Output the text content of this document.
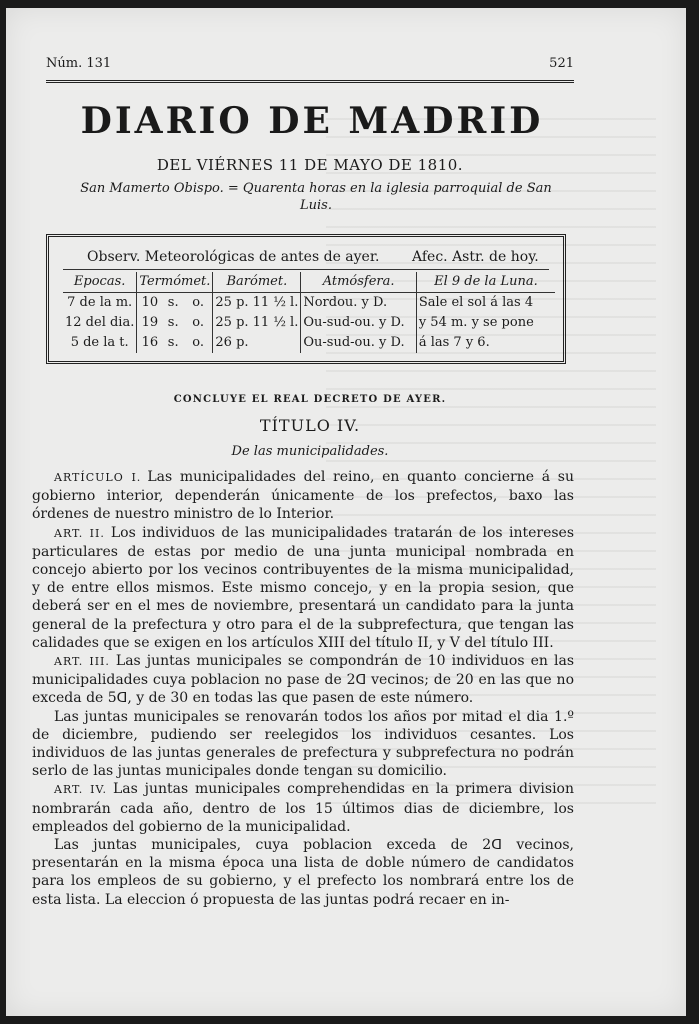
Núm. 131	521
DIARIO DE MADRID
DEL VIÉRNES 11 DE MAYO DE 1810.
San Mamerto Obispo. = Quarenta horas en la iglesia parroquial de San Luis.
Observ. Meteorológicas de antes de ayer. Afec. Astr. de hoy.
Epocas.	Termómet.			Barómet.	Atmósfera.	El 9 de la Luna.
7 de la m.	10	s.	o.	25 p. 11 ½ l.	Nordou. y D.	Sale el sol á las 4
12 del dia.	19	s.	o.	25 p. 11 ½ l.	Ou-sud-ou. y D.	y 54 m. y se pone
5 de la t.	16	s.	o.	26 p.	Ou-sud-ou. y D.	á las 7 y 6.
CONCLUYE EL REAL DECRETO DE AYER.
TÍTULO IV.
De las municipalidades.

ARTÍCULO I. Las municipalidades del reino, en quanto concierne á su gobierno interior, dependerán únicamente de los prefectos, baxo las órdenes de nuestro ministro de lo Interior.

ART. II. Los individuos de las municipalidades tratarán de los intereses particulares de estas por medio de una junta municipal nombrada en concejo abierto por los vecinos contribuyentes de la misma municipalidad, y de entre ellos mismos. Este mismo concejo, y en la propia sesion, que deberá ser en el mes de noviembre, presentará un candidato para la junta general de la prefectura y otro para el de la subprefectura, que tengan las calidades que se exigen en los artículos XIII del título II, y V del título III.

ART. III. Las juntas municipales se compondrán de 10 individuos en las municipalidades cuya poblacion no pase de 2ᗡ vecinos; de 20 en las que no exceda de 5ᗡ, y de 30 en todas las que pasen de este número.

Las juntas municipales se renovarán todos los años por mitad el dia 1.º de diciembre, pudiendo ser reelegidos los individuos cesantes. Los individuos de las juntas generales de prefectura y subprefectura no podrán serlo de las juntas municipales donde tengan su domicilio.

ART. IV. Las juntas municipales comprehendidas en la primera division nombrarán cada año, dentro de los 15 últimos dias de diciembre, los empleados del gobierno de la municipalidad.

Las juntas municipales, cuya poblacion exceda de 2ᗡ vecinos, presentarán en la misma época una lista de doble número de candidatos para los empleos de su gobierno, y el prefecto los nombrará entre los de esta lista. La eleccion ó propuesta de las juntas podrá recaer en in-
